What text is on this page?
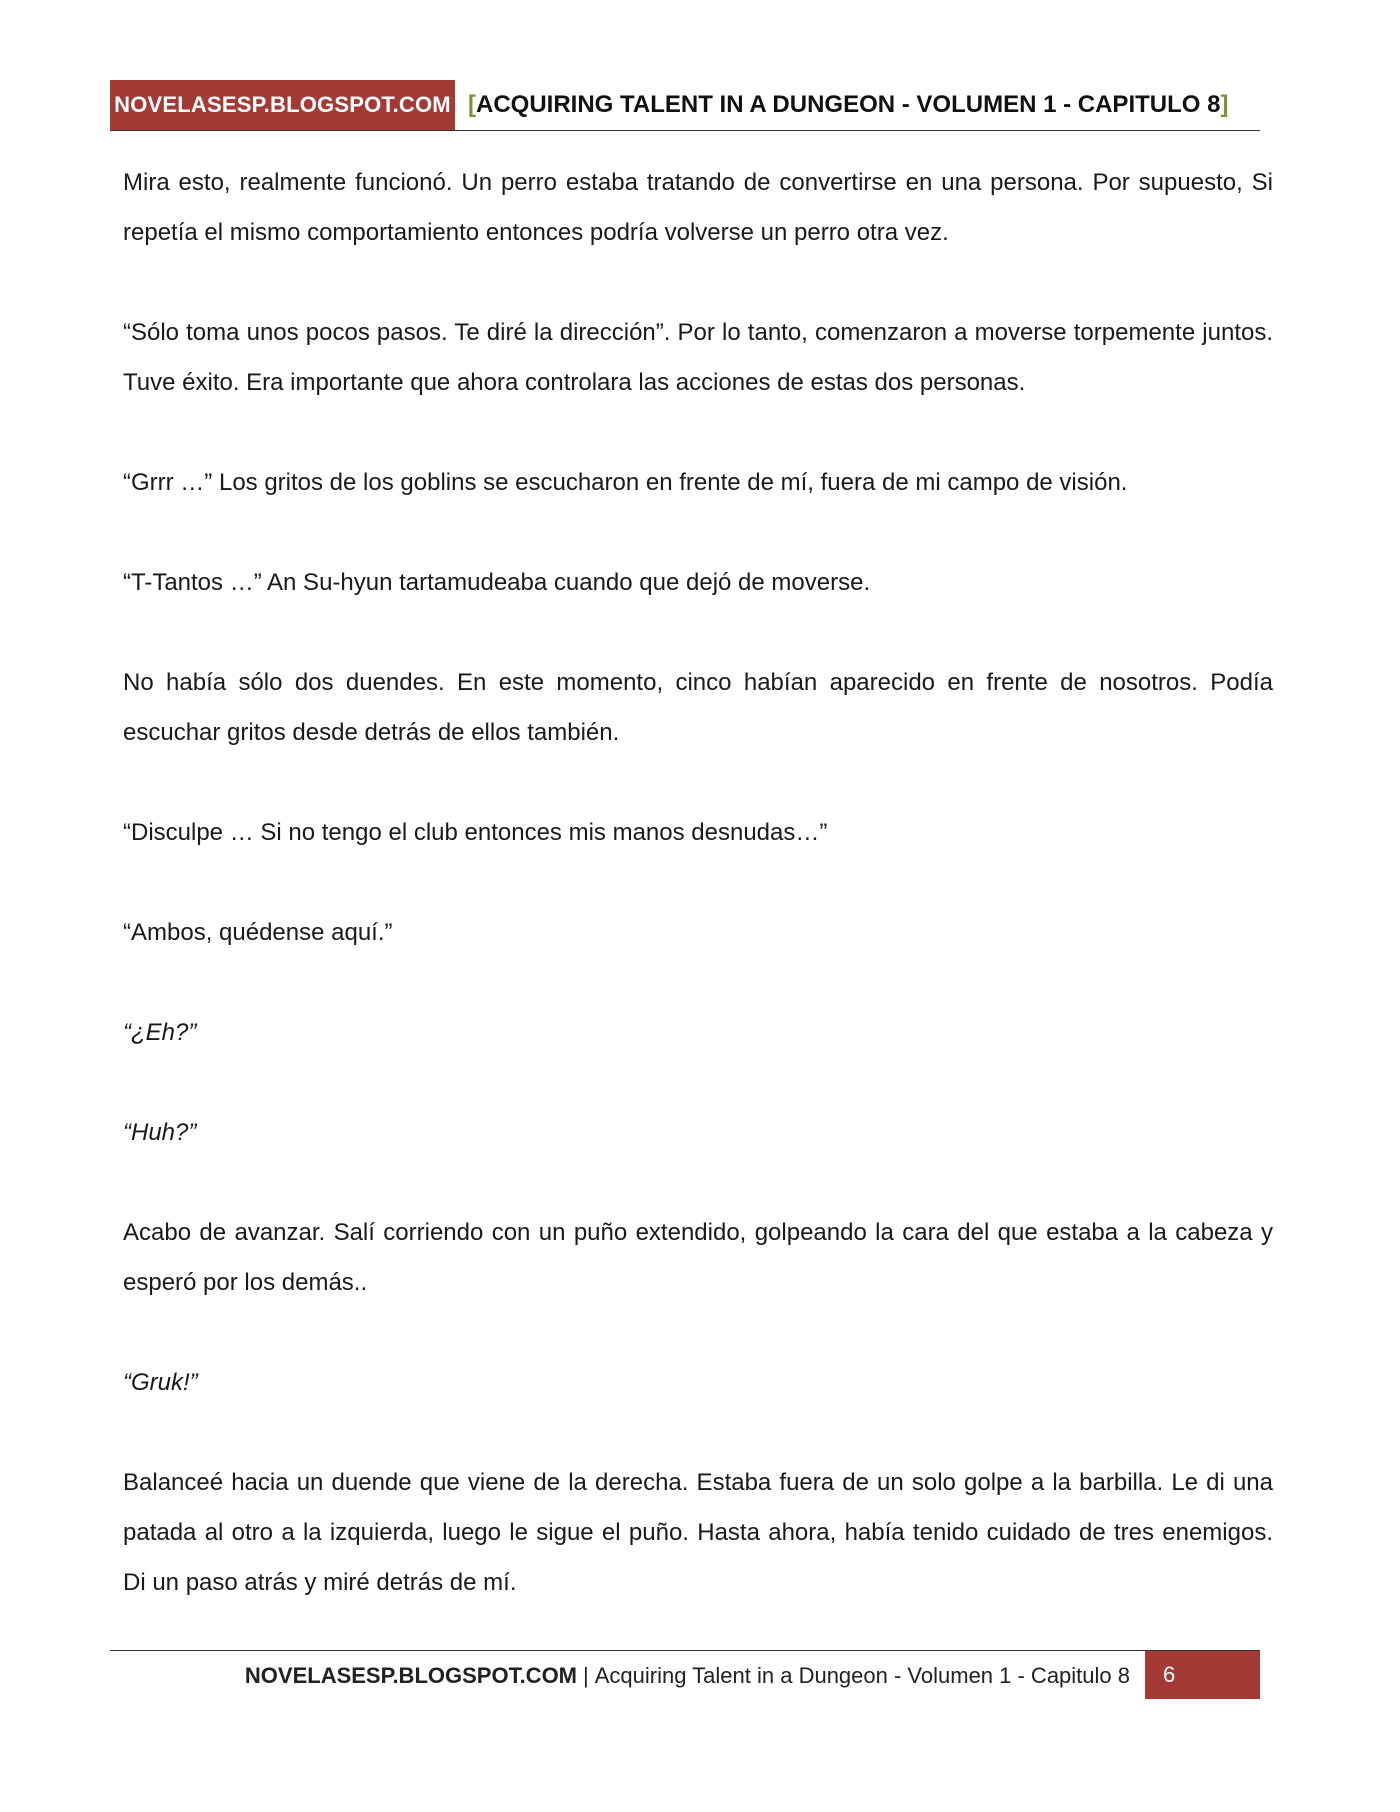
NOVELASESP.BLOGSPOT.COM [ACQUIRING TALENT IN A DUNGEON - VOLUMEN 1 - CAPITULO 8]

Mira esto, realmente funcionó. Un perro estaba tratando de convertirse en una persona. Por supuesto, Si repetía el mismo comportamiento entonces podría volverse un perro otra vez.

“Sólo toma unos pocos pasos. Te diré la dirección”. Por lo tanto, comenzaron a moverse torpemente juntos. Tuve éxito. Era importante que ahora controlara las acciones de estas dos personas.

“Grrr …” Los gritos de los goblins se escucharon en frente de mí, fuera de mi campo de visión.

“T-Tantos …” An Su-hyun tartamudeaba cuando que dejó de moverse.

No había sólo dos duendes. En este momento, cinco habían aparecido en frente de nosotros. Podía escuchar gritos desde detrás de ellos también.

“Disculpe … Si no tengo el club entonces mis manos desnudas…”

“Ambos, quédense aquí.”

“¿Eh?”

“Huh?”

Acabo de avanzar. Salí corriendo con un puño extendido, golpeando la cara del que estaba a la cabeza y esperó por los demás..

“Gruk!”

Balanceé hacia un duende que viene de la derecha. Estaba fuera de un solo golpe a la barbilla. Le di una patada al otro a la izquierda, luego le sigue el puño. Hasta ahora, había tenido cuidado de tres enemigos. Di un paso atrás y miré detrás de mí.

NOVELASESP.BLOGSPOT.COM | Acquiring Talent in a Dungeon - Volumen 1 - Capitulo 8	6
